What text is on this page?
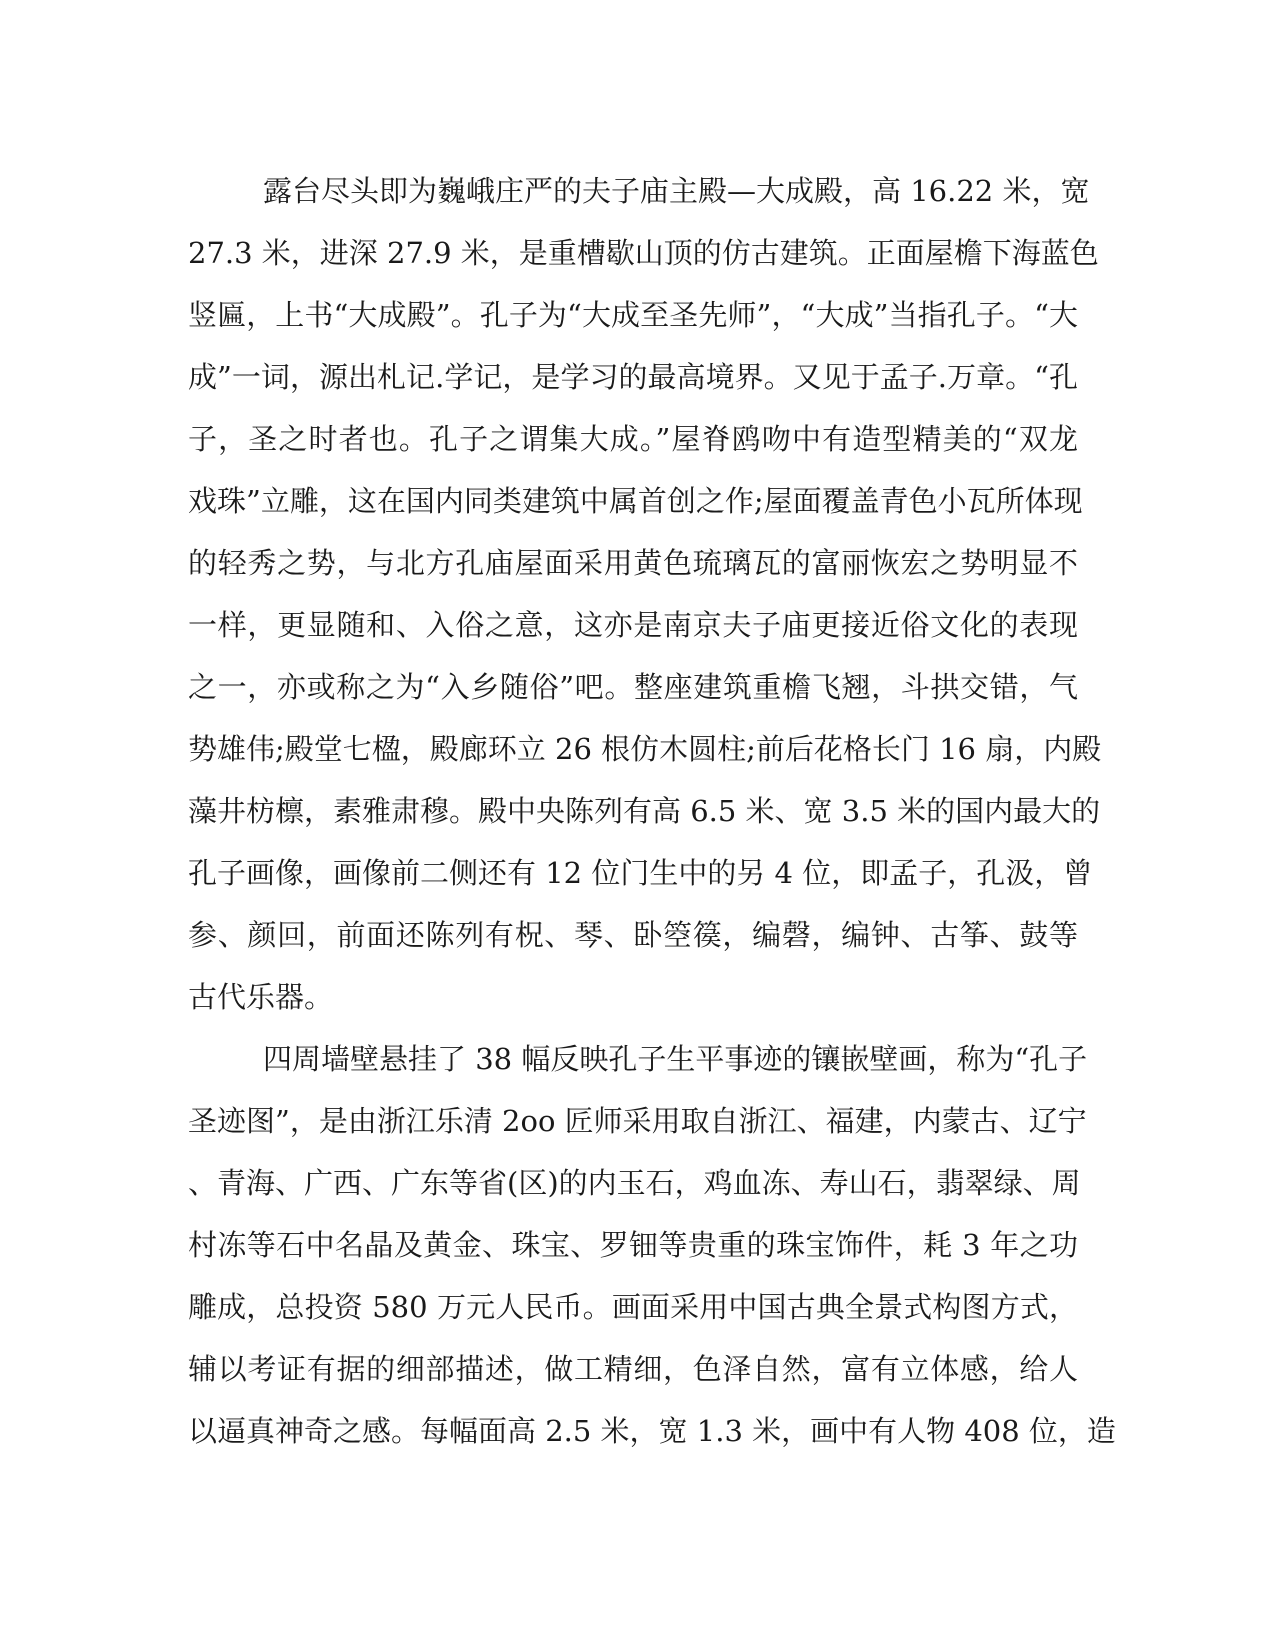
露台尽头即为巍峨庄严的夫子庙主殿—大成殿，高 16.22 米，宽
27.3 米，进深 27.9 米，是重槽歇山顶的仿古建筑。正面屋檐下海蓝色
竖匾，上书“大成殿”。孔子为“大成至圣先师”，“大成”当指孔子。“大
成”一词，源出札记.学记，是学习的最高境界。又见于孟子.万章。“孔
子，圣之时者也。孔子之谓集大成。”屋脊鸥吻中有造型精美的“双龙
戏珠”立雕，这在国内同类建筑中属首创之作;屋面覆盖青色小瓦所体现
的轻秀之势，与北方孔庙屋面采用黄色琉璃瓦的富丽恢宏之势明显不
一样，更显随和、入俗之意，这亦是南京夫子庙更接近俗文化的表现
之一，亦或称之为“入乡随俗”吧。整座建筑重檐飞翘，斗拱交错，气
势雄伟;殿堂七楹，殿廊环立 26 根仿木圆柱;前后花格长门 16 扇，内殿
藻井枋檩，素雅肃穆。殿中央陈列有高 6.5 米、宽 3.5 米的国内最大的
孔子画像，画像前二侧还有 12 位门生中的另 4 位，即孟子，孔汲，曾
参、颜回，前面还陈列有柷、琴、卧箜篌，编磬，编钟、古筝、鼓等
古代乐器。
四周墙壁悬挂了 38 幅反映孔子生平事迹的镶嵌壁画，称为“孔子
圣迹图”，是由浙江乐清 2oo 匠师采用取自浙江、福建，内蒙古、辽宁
、青海、广西、广东等省(区)的内玉石，鸡血冻、寿山石，翡翠绿、周
村冻等石中名晶及黄金、珠宝、罗钿等贵重的珠宝饰件，耗 3 年之功
雕成，总投资 580 万元人民币。画面采用中国古典全景式构图方式，
辅以考证有据的细部描述，做工精细，色泽自然，富有立体感，给人
以逼真神奇之感。每幅面高 2.5 米，宽 1.3 米，画中有人物 408 位，造
